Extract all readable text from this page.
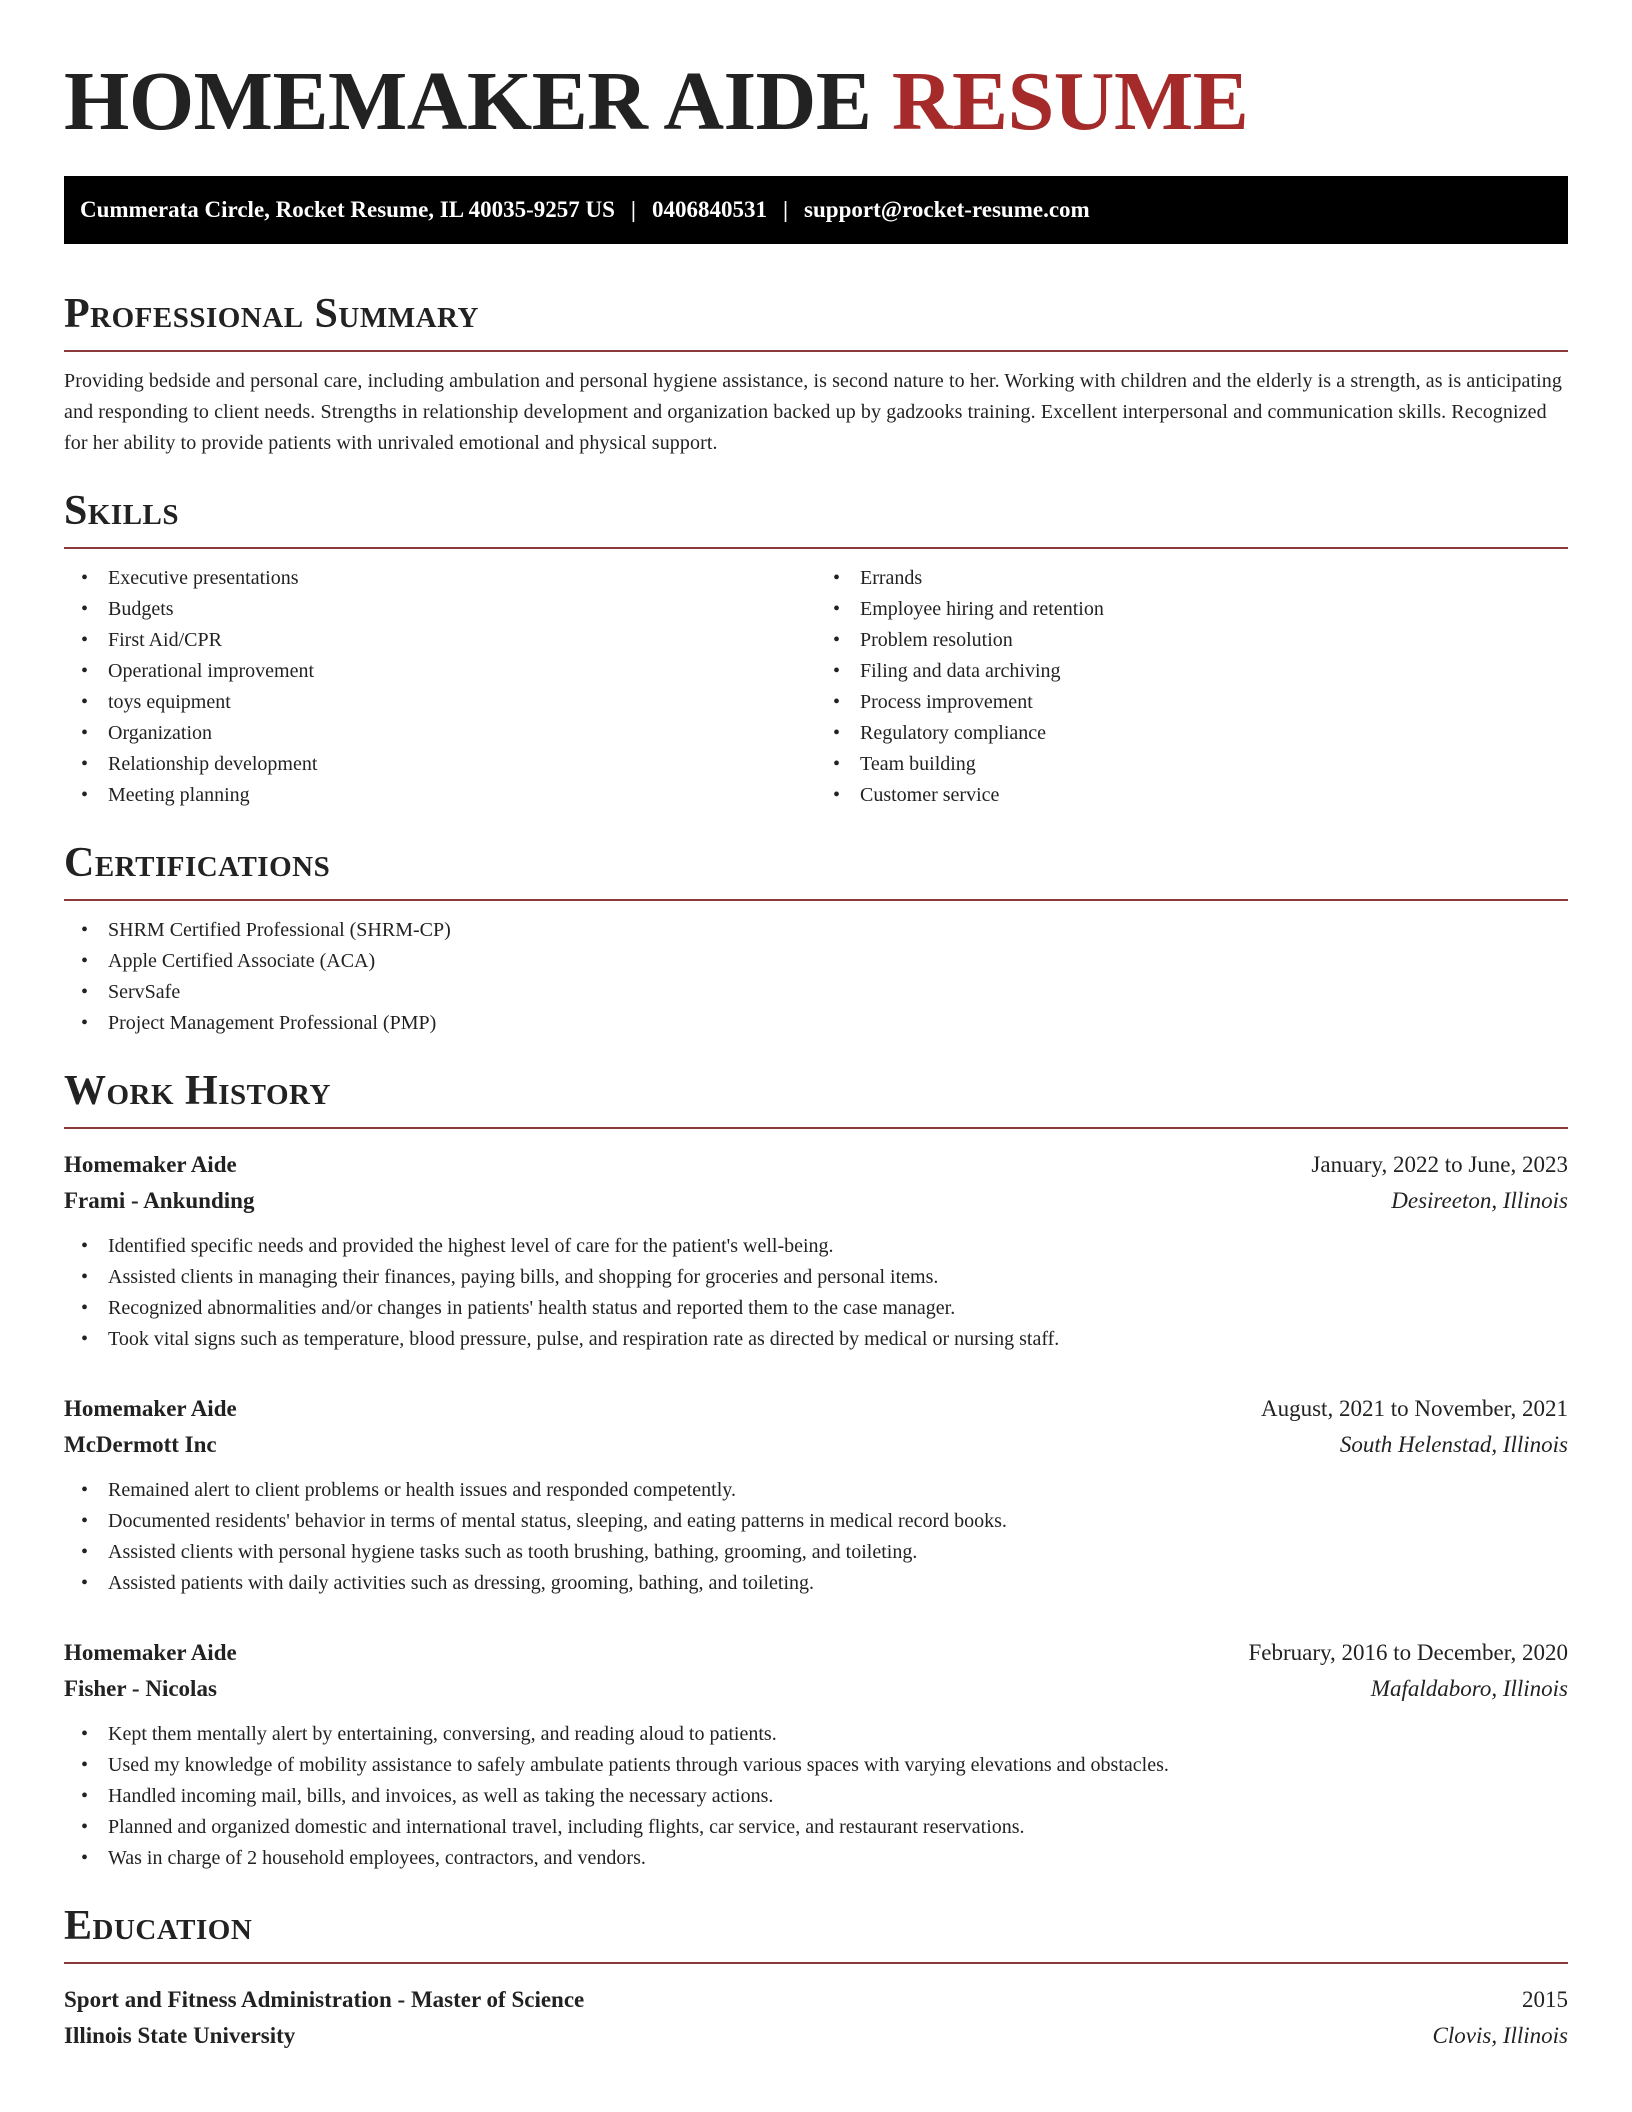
HOMEMAKER AIDE RESUME
Cummerata Circle, Rocket Resume, IL 40035-9257 US | 0406840531 | support@rocket-resume.com
Professional Summary

Providing bedside and personal care, including ambulation and personal hygiene assistance, is second nature to her. Working with children and the elderly is a strength, as is anticipating and responding to client needs. Strengths in relationship development and organization backed up by gadzooks training. Excellent interpersonal and communication skills. Recognized for her ability to provide patients with unrivaled emotional and physical support.

Skills
• Executive presentations
• Budgets
• First Aid/CPR
• Operational improvement
• toys equipment
• Organization
• Relationship development
• Meeting planning
• Errands
• Employee hiring and retention
• Problem resolution
• Filing and data archiving
• Process improvement
• Regulatory compliance
• Team building
• Customer service
Certifications
• SHRM Certified Professional (SHRM-CP)
• Apple Certified Associate (ACA)
• ServSafe
• Project Management Professional (PMP)
Work History
Homemaker Aide	January, 2022 to June, 2023
Frami - Ankunding	Desireeton, Illinois
• Identified specific needs and provided the highest level of care for the patient's well-being.
• Assisted clients in managing their finances, paying bills, and shopping for groceries and personal items.
• Recognized abnormalities and/or changes in patients' health status and reported them to the case manager.
• Took vital signs such as temperature, blood pressure, pulse, and respiration rate as directed by medical or nursing staff.
Homemaker Aide	August, 2021 to November, 2021
McDermott Inc	South Helenstad, Illinois
• Remained alert to client problems or health issues and responded competently.
• Documented residents' behavior in terms of mental status, sleeping, and eating patterns in medical record books.
• Assisted clients with personal hygiene tasks such as tooth brushing, bathing, grooming, and toileting.
• Assisted patients with daily activities such as dressing, grooming, bathing, and toileting.
Homemaker Aide	February, 2016 to December, 2020
Fisher - Nicolas	Mafaldaboro, Illinois
• Kept them mentally alert by entertaining, conversing, and reading aloud to patients.
• Used my knowledge of mobility assistance to safely ambulate patients through various spaces with varying elevations and obstacles.
• Handled incoming mail, bills, and invoices, as well as taking the necessary actions.
• Planned and organized domestic and international travel, including flights, car service, and restaurant reservations.
• Was in charge of 2 household employees, contractors, and vendors.
Education
Sport and Fitness Administration - Master of Science	2015
Illinois State University	Clovis, Illinois
